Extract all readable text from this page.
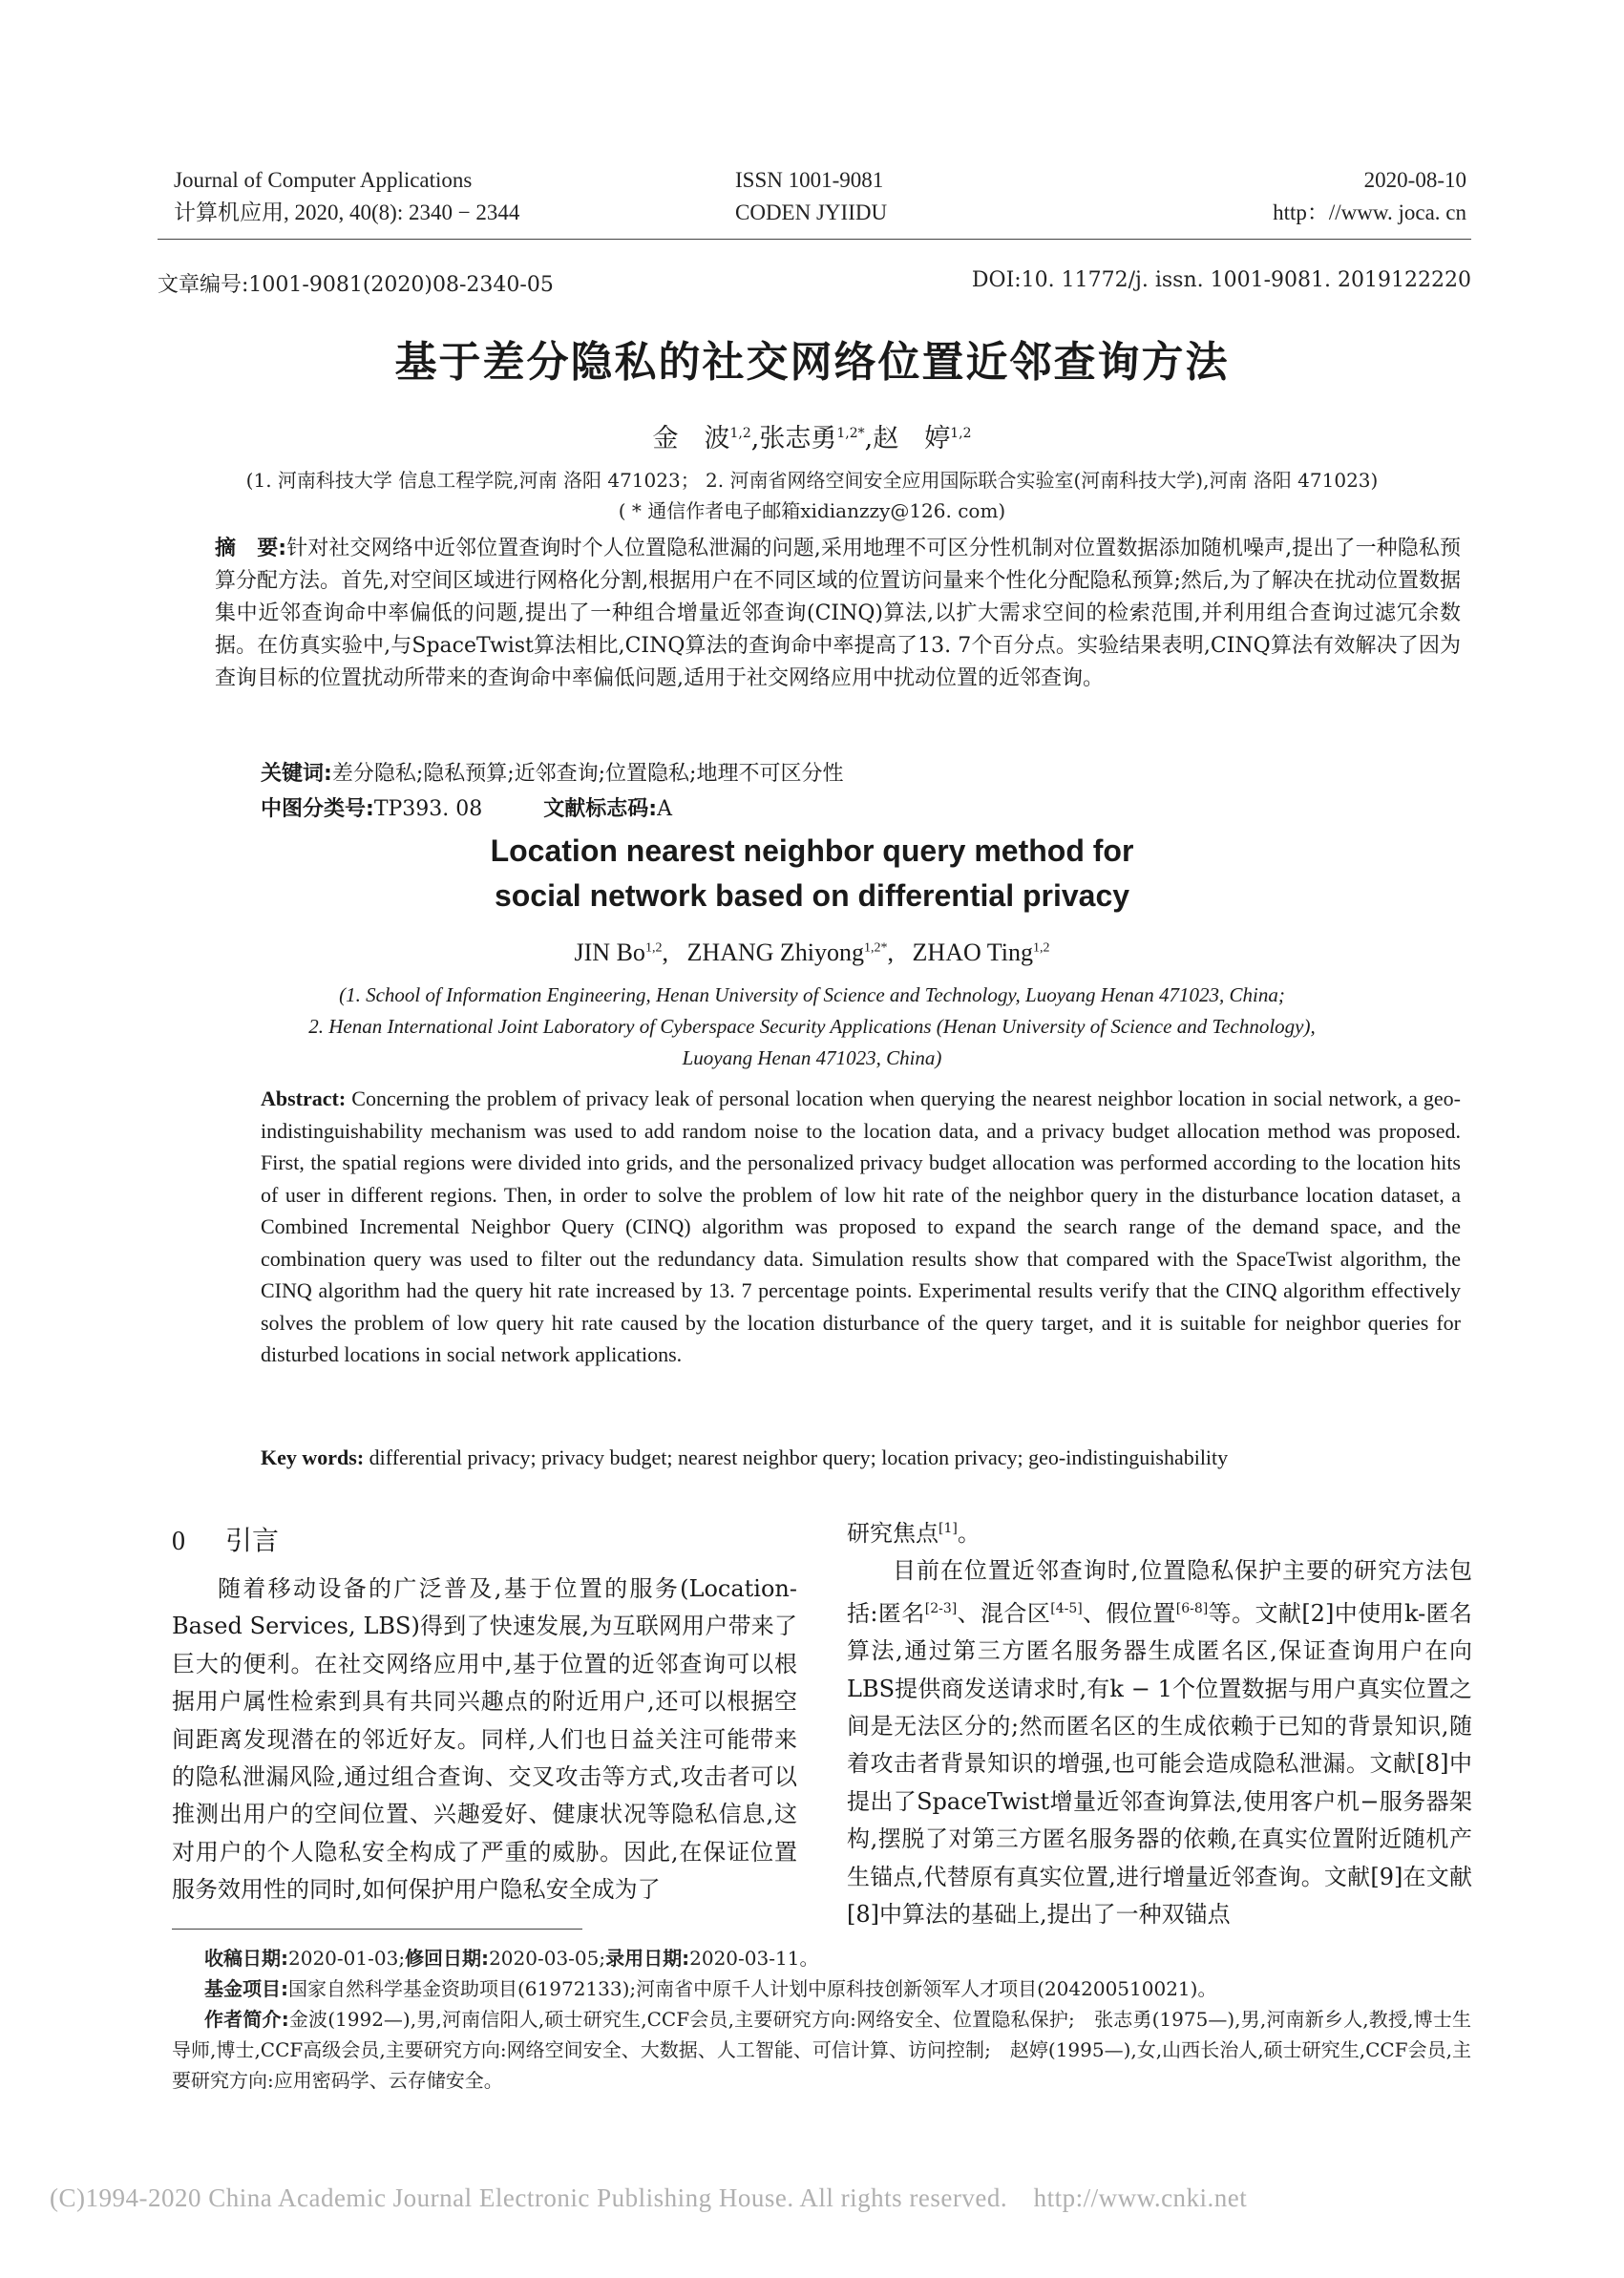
Journal of Computer Applications
计算机应用, 2020, 40(8): 2340 − 2344
ISSN 1001-9081
CODEN JYIIDU
2020-08-10
http：//www. joca. cn
文章编号:1001-9081(2020)08-2340-05	DOI:10. 11772/j. issn. 1001-9081. 2019122220
基于差分隐私的社交网络位置近邻查询方法
金　波$^{1,2}$,张志勇$^{1,2*}$,赵　婷$^{1,2}$
(1. 河南科技大学 信息工程学院,河南 洛阳 471023； 2. 河南省网络空间安全应用国际联合实验室(河南科技大学),河南 洛阳 471023)
( * 通信作者电子邮箱xidianzzy@126. com)
摘　要:针对社交网络中近邻位置查询时个人位置隐私泄漏的问题,采用地理不可区分性机制对位置数据添加随机噪声,提出了一种隐私预算分配方法。首先,对空间区域进行网格化分割,根据用户在不同区域的位置访问量来个性化分配隐私预算;然后,为了解决在扰动位置数据集中近邻查询命中率偏低的问题,提出了一种组合增量近邻查询(CINQ)算法,以扩大需求空间的检索范围,并利用组合查询过滤冗余数据。在仿真实验中,与SpaceTwist算法相比,CINQ算法的查询命中率提高了13. 7个百分点。实验结果表明,CINQ算法有效解决了因为查询目标的位置扰动所带来的查询命中率偏低问题,适用于社交网络应用中扰动位置的近邻查询。
关键词:差分隐私;隐私预算;近邻查询;位置隐私;地理不可区分性
中图分类号:TP393. 08	文献标志码:A
Location nearest neighbor query method for
social network based on differential privacy
JIN Bo$^{1,2}$,   ZHANG Zhiyong$^{1,2*}$,   ZHAO Ting$^{1,2}$
(1. School of Information Engineering, Henan University of Science and Technology, Luoyang Henan 471023, China;
2. Henan International Joint Laboratory of Cyberspace Security Applications (Henan University of Science and Technology),
Luoyang Henan 471023, China)
Abstract: Concerning the problem of privacy leak of personal location when querying the nearest neighbor location in social network, a geo-indistinguishability mechanism was used to add random noise to the location data, and a privacy budget allocation method was proposed. First, the spatial regions were divided into grids, and the personalized privacy budget allocation was performed according to the location hits of user in different regions. Then, in order to solve the problem of low hit rate of the neighbor query in the disturbance location dataset, a Combined Incremental Neighbor Query (CINQ) algorithm was proposed to expand the search range of the demand space, and the combination query was used to filter out the redundancy data. Simulation results show that compared with the SpaceTwist algorithm, the CINQ algorithm had the query hit rate increased by 13. 7 percentage points. Experimental results verify that the CINQ algorithm effectively solves the problem of low query hit rate caused by the location disturbance of the query target, and it is suitable for neighbor queries for disturbed locations in social network applications.
Key words: differential privacy; privacy budget; nearest neighbor query; location privacy; geo-indistinguishability
0 引言

随着移动设备的广泛普及,基于位置的服务(Location-Based Services, LBS)得到了快速发展,为互联网用户带来了巨大的便利。在社交网络应用中,基于位置的近邻查询可以根据用户属性检索到具有共同兴趣点的附近用户,还可以根据空间距离发现潜在的邻近好友。同样,人们也日益关注可能带来的隐私泄漏风险,通过组合查询、交叉攻击等方式,攻击者可以推测出用户的空间位置、兴趣爱好、健康状况等隐私信息,这对用户的个人隐私安全构成了严重的威胁。因此,在保证位置服务效用性的同时,如何保护用户隐私安全成为了

研究焦点[1]。

目前在位置近邻查询时,位置隐私保护主要的研究方法包括:匿名[2-3]、混合区[4-5]、假位置[6-8]等。文献[2]中使用k-匿名算法,通过第三方匿名服务器生成匿名区,保证查询用户在向LBS提供商发送请求时,有k − 1个位置数据与用户真实位置之间是无法区分的;然而匿名区的生成依赖于已知的背景知识,随着攻击者背景知识的增强,也可能会造成隐私泄漏。文献[8]中提出了SpaceTwist增量近邻查询算法,使用客户机−服务器架构,摆脱了对第三方匿名服务器的依赖,在真实位置附近随机产生锚点,代替原有真实位置,进行增量近邻查询。文献[9]在文献[8]中算法的基础上,提出了一种双锚点

收稿日期:2020-01-03;修回日期:2020-03-05;录用日期:2020-03-11。

基金项目:国家自然科学基金资助项目(61972133);河南省中原千人计划中原科技创新领军人才项目(204200510021)。

作者简介:金波(1992—),男,河南信阳人,硕士研究生,CCF会员,主要研究方向:网络安全、位置隐私保护;　张志勇(1975—),男,河南新乡人,教授,博士生导师,博士,CCF高级会员,主要研究方向:网络空间安全、大数据、人工智能、可信计算、访问控制;　赵婷(1995—),女,山西长治人,硕士研究生,CCF会员,主要研究方向:应用密码学、云存储安全。

(C)1994-2020 China Academic Journal Electronic Publishing House. All rights reserved.　http://www.cnki.net
